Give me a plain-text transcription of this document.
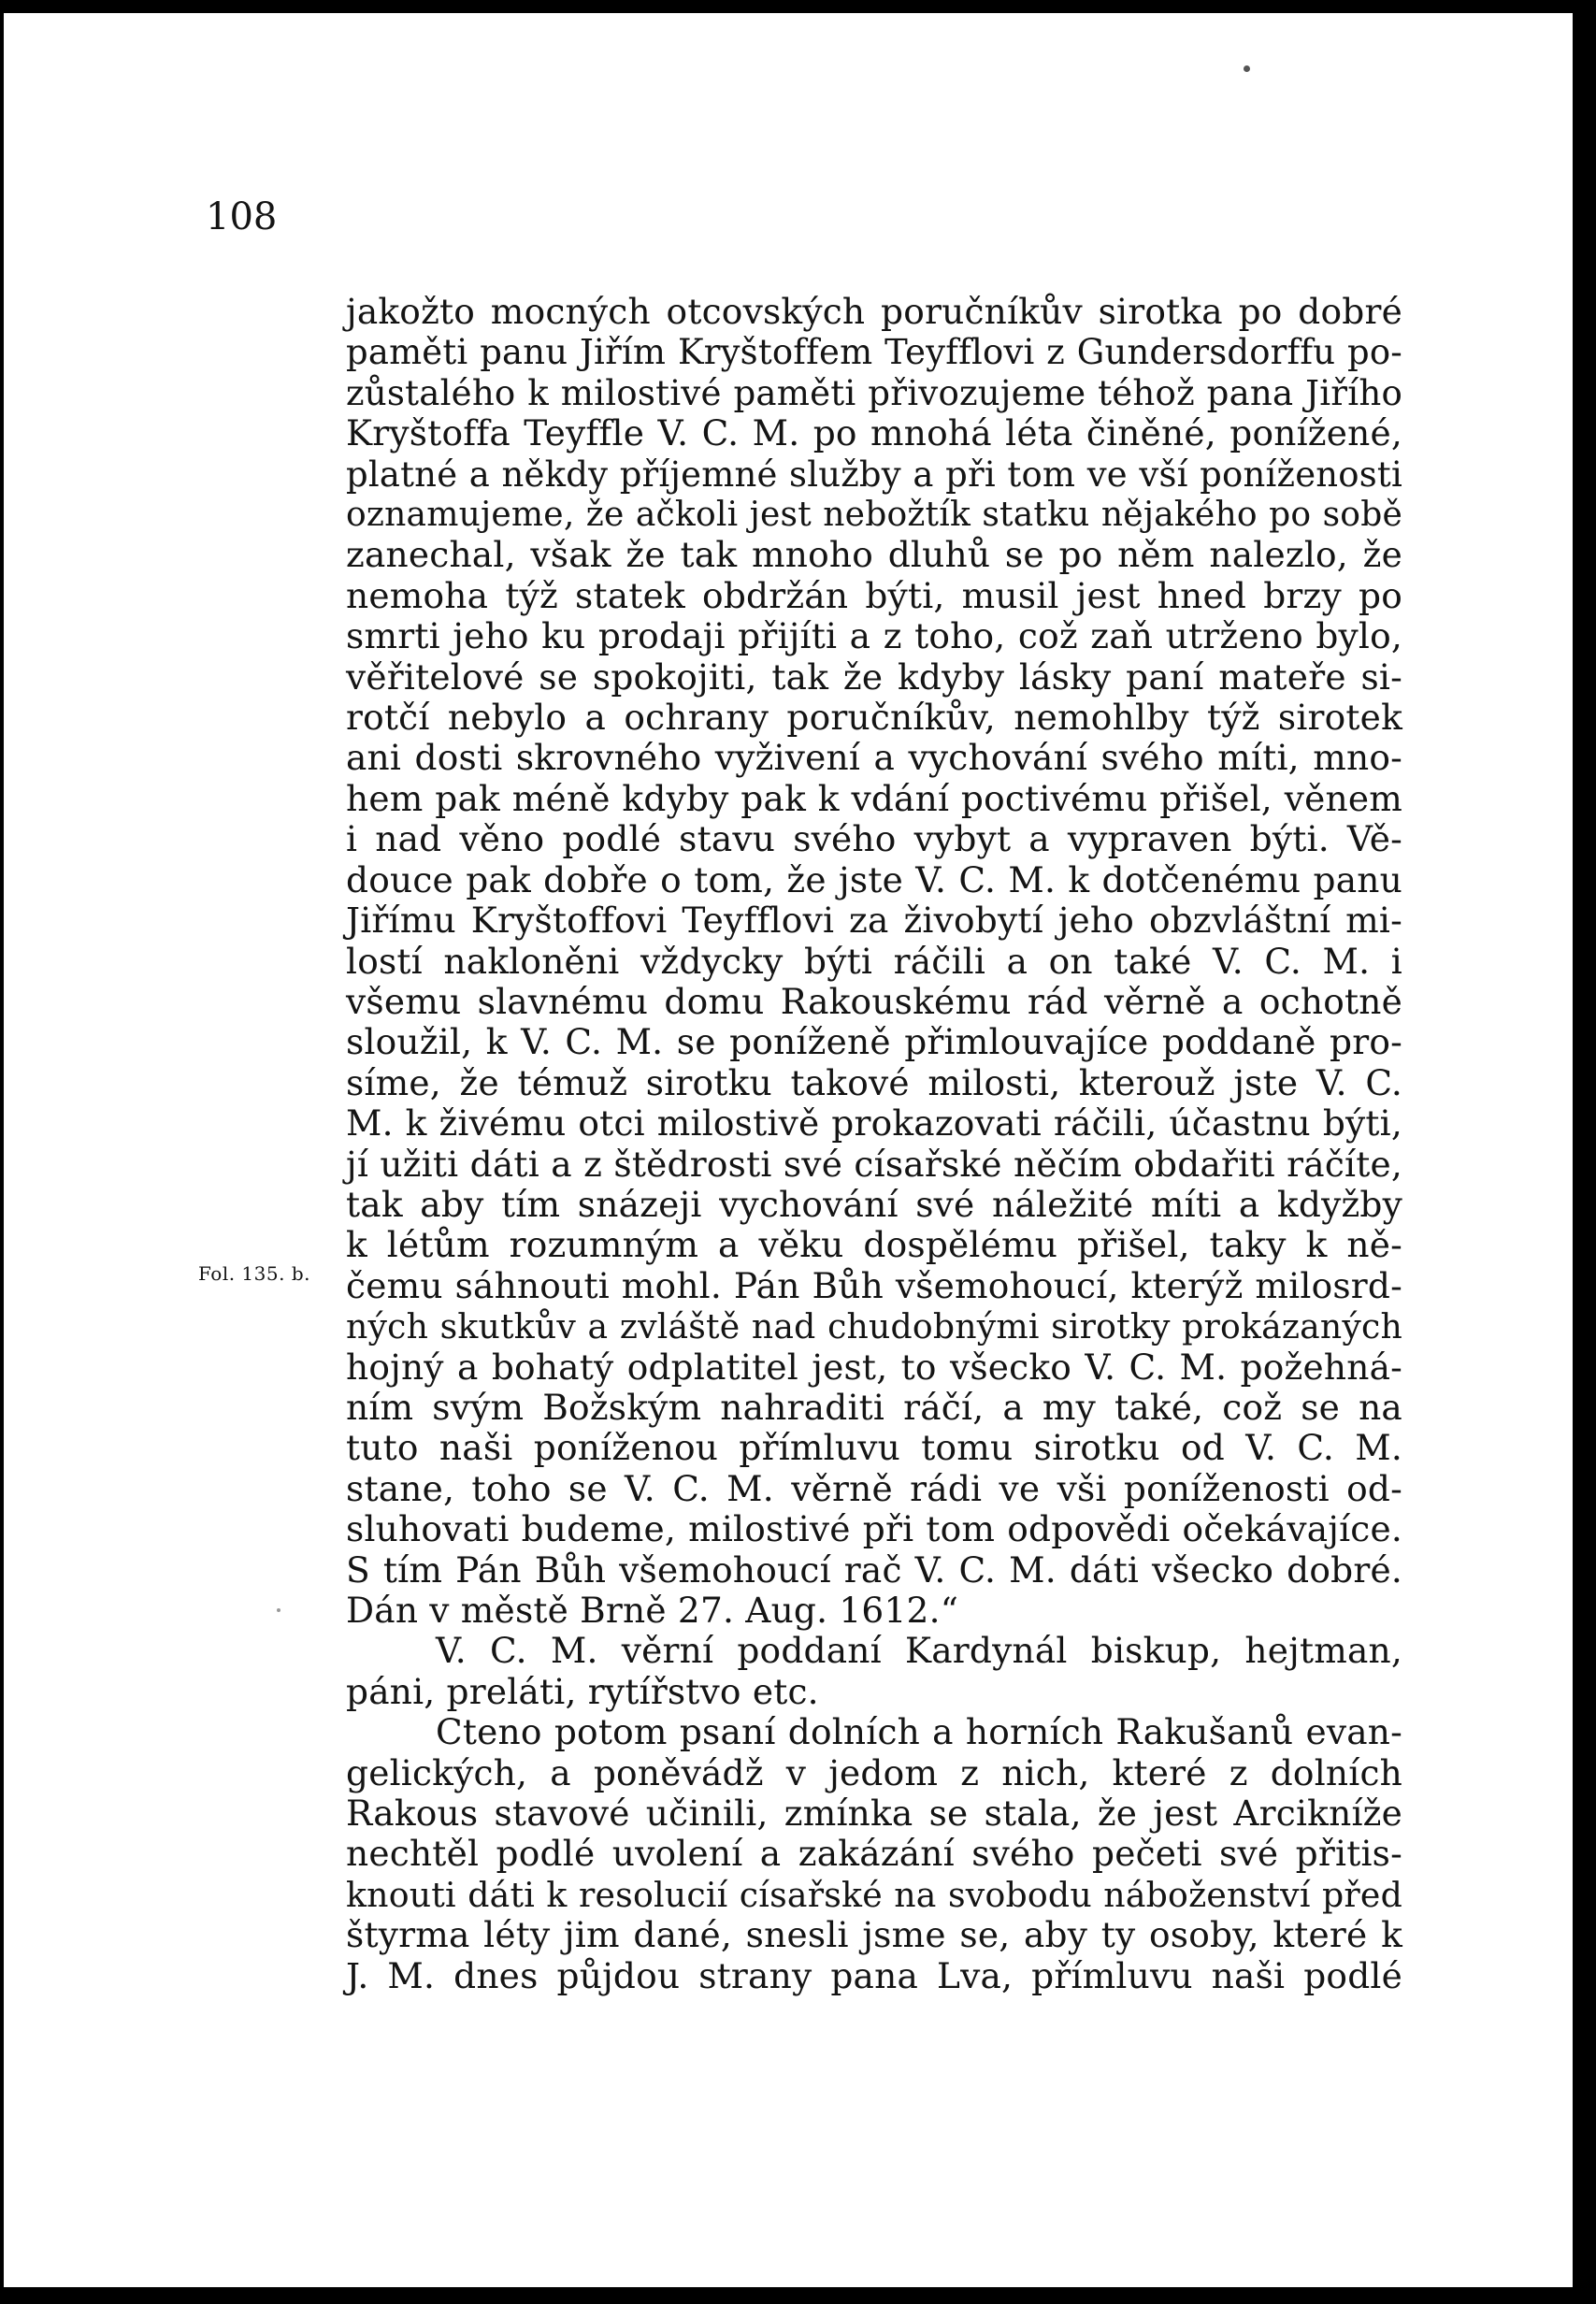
108
Fol. 135. b.
jakožto mocných otcovských poručníkův sirotka po dobré
paměti panu Jiřím Kryštoffem Teyfflovi z Gundersdorffu po-
zůstalého k milostivé paměti přivozujeme téhož pana Jiřího
Kryštoffa Teyffle V. C. M. po mnohá léta činěné, ponížené,
platné a někdy příjemné služby a při tom ve vší poníženosti
oznamujeme, že ačkoli jest nebožtík statku nějakého po sobě
zanechal, však že tak mnoho dluhů se po něm nalezlo, že
nemoha týž statek obdržán býti, musil jest hned brzy po
smrti jeho ku prodaji přijíti a z toho, což zaň utrženo bylo,
věřitelové se spokojiti, tak že kdyby lásky paní mateře si-
rotčí nebylo a ochrany poručníkův, nemohlby týž sirotek
ani dosti skrovného vyživení a vychování svého míti, mno-
hem pak méně kdyby pak k vdání poctivému přišel, věnem
i nad věno podlé stavu svého vybyt a vypraven býti. Vě-
douce pak dobře o tom, že jste V. C. M. k dotčenému panu
Jiřímu Kryštoffovi Teyfflovi za živobytí jeho obzvláštní mi-
lostí nakloněni vždycky býti ráčili a on také V. C. M. i
všemu slavnému domu Rakouskému rád věrně a ochotně
sloužil, k V. C. M. se poníženě přimlouvajíce poddaně pro-
síme, že témuž sirotku takové milosti, kterouž jste V. C.
M. k živému otci milostivě prokazovati ráčili, účastnu býti,
jí užiti dáti a z štědrosti své císařské něčím obdařiti ráčíte,
tak aby tím snázeji vychování své náležité míti a kdyžby
k létům rozumným a věku dospělému přišel, taky k ně-
čemu sáhnouti mohl. Pán Bůh všemohoucí, kterýž milosrd-
ných skutkův a zvláště nad chudobnými sirotky prokázaných
hojný a bohatý odplatitel jest, to všecko V. C. M. požehná-
ním svým Božským nahraditi ráčí, a my také, což se na
tuto naši poníženou přímluvu tomu sirotku od V. C. M.
stane, toho se V. C. M. věrně rádi ve vši poníženosti od-
sluhovati budeme, milostivé při tom odpovědi očekávajíce.
S tím Pán Bůh všemohoucí rač V. C. M. dáti všecko dobré.
Dán v městě Brně 27. Aug. 1612.“
V. C. M. věrní poddaní Kardynál biskup, hejtman,
páni, preláti, rytířstvo etc.
Cteno potom psaní dolních a horních Rakušanů evan-
gelických, a poněvádž v jedom z nich, které z dolních
Rakous stavové učinili, zmínka se stala, že jest Arcikníže
nechtěl podlé uvolení a zakázání svého pečeti své přitis-
knouti dáti k resolucií císařské na svobodu náboženství před
štyrma léty jim dané, snesli jsme se, aby ty osoby, které k
J. M. dnes půjdou strany pana Lva, přímluvu naši podlé
